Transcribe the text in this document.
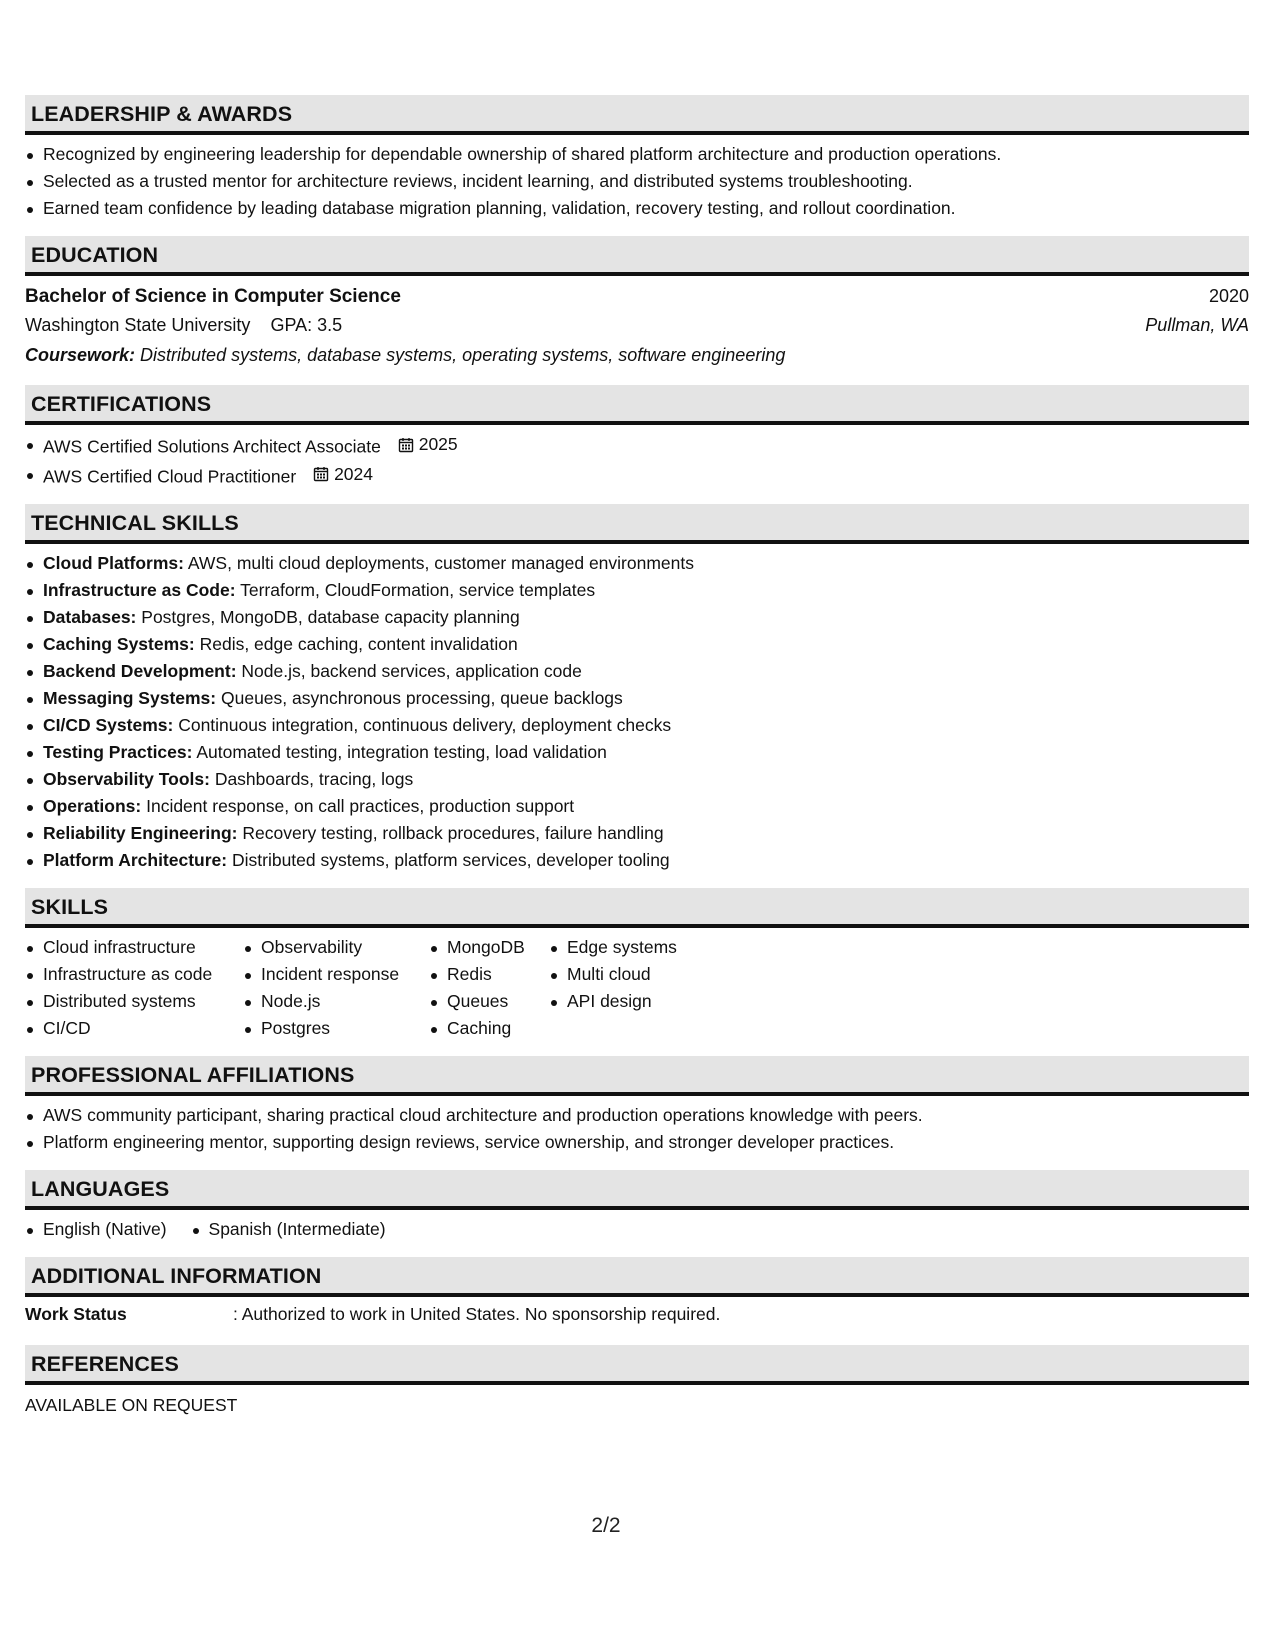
LEADERSHIP & AWARDS
Recognized by engineering leadership for dependable ownership of shared platform architecture and production operations.
Selected as a trusted mentor for architecture reviews, incident learning, and distributed systems troubleshooting.
Earned team confidence by leading database migration planning, validation, recovery testing, and rollout coordination.
EDUCATION
Bachelor of Science in Computer Science	2020
Washington State University GPA: 3.5	Pullman, WA
Coursework: Distributed systems, database systems, operating systems, software engineering
CERTIFICATIONS
AWS Certified Solutions Architect Associate 2025
AWS Certified Cloud Practitioner 2024
TECHNICAL SKILLS
Cloud Platforms: AWS, multi cloud deployments, customer managed environments
Infrastructure as Code: Terraform, CloudFormation, service templates
Databases: Postgres, MongoDB, database capacity planning
Caching Systems: Redis, edge caching, content invalidation
Backend Development: Node.js, backend services, application code
Messaging Systems: Queues, asynchronous processing, queue backlogs
CI/CD Systems: Continuous integration, continuous delivery, deployment checks
Testing Practices: Automated testing, integration testing, load validation
Observability Tools: Dashboards, tracing, logs
Operations: Incident response, on call practices, production support
Reliability Engineering: Recovery testing, rollback procedures, failure handling
Platform Architecture: Distributed systems, platform services, developer tooling
SKILLS
Cloud infrastructure
Infrastructure as code
Distributed systems
CI/CD
Observability
Incident response
Node.js
Postgres
MongoDB
Redis
Queues
Caching
Edge systems
Multi cloud
API design
PROFESSIONAL AFFILIATIONS
AWS community participant, sharing practical cloud architecture and production operations knowledge with peers.
Platform engineering mentor, supporting design reviews, service ownership, and stronger developer practices.
LANGUAGES
English (Native)	Spanish (Intermediate)
ADDITIONAL INFORMATION
Work Status	: Authorized to work in United States. No sponsorship required.
REFERENCES
AVAILABLE ON REQUEST
2/2
